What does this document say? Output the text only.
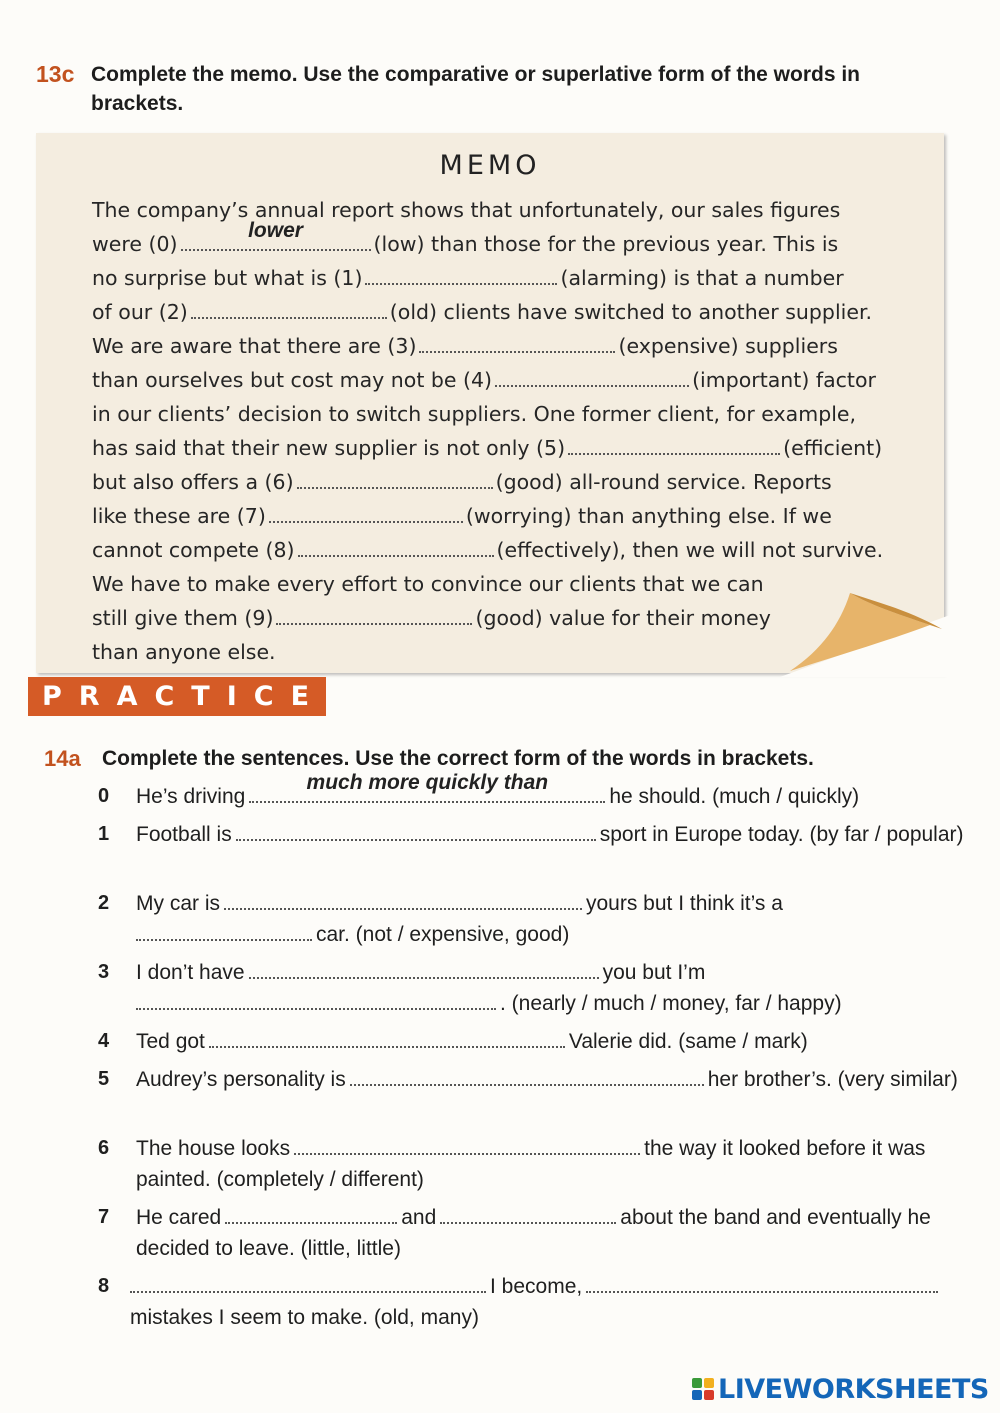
13c Complete the memo. Use the comparative or superlative form of the words in brackets.
MEMO
The company’s annual report shows that unfortunately, our sales figures
were (0)
lower
(low) than those for the previous year. This is
no surprise but what is (1)	(alarming) is that a number
of our (2)	(old) clients have switched to another supplier.
We are aware that there are (3)	(expensive) suppliers
than ourselves but cost may not be (4)	(important) factor
in our clients’ decision to switch suppliers. One former client, for example,
has said that their new supplier is not only (5)	(efficient)
but also offers a (6)	(good) all-round service. Reports
like these are (7)	(worrying) than anything else. If we
cannot compete (8)	(effectively), then we will not survive.
We have to make every effort to convince our clients that we can
still give them (9)	(good) value for their money
than anyone else.
PRACTICE
14a	Complete the sentences. Use the correct form of the words in brackets.
0	He’s driving
much more quickly than
he should. (much / quickly)
1	Football is	sport in Europe today. (by far / popular)
2	My car is	yours but I think it’s a
car. (not / expensive, good)
3	I don’t have	you but I’m
. (nearly / much / money, far / happy)
4	Ted got	Valerie did. (same / mark)
5	Audrey’s personality is	her brother’s. (very similar)
6	The house looks	the way it looked before it was painted. (completely / different)
7	He cared	and	about the band and eventually he decided to leave. (little, little)
8	I become,
mistakes I seem to make. (old, many)
LIVEWORKSHEETS
